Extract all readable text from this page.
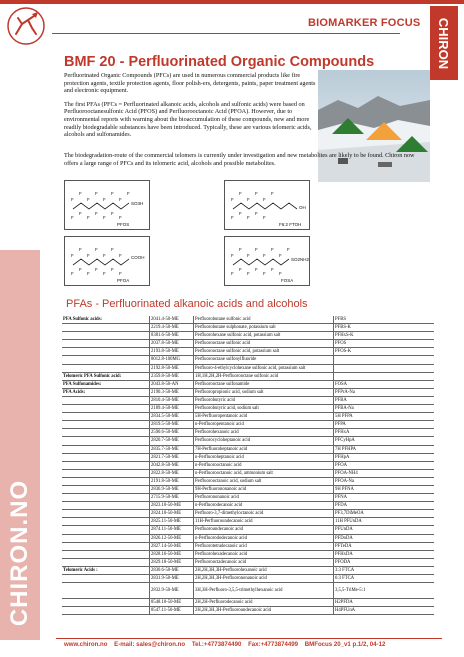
BIOMARKER FOCUS CHIRON
BMF 20 - Perfluorinated Organic Compounds

Perfluorinated Organic Compounds (PFCs) are used in numerous commercial products like fire protection agents, textile protection agents, floor polish-ers, detergents, paints, paper treatment agents and electronic equipment.

The first PFAs (PFCs = Perfluorinated alkanoic acids, alcohols and sulfonic acids) were based on Perfluorooctanesulfonic Acid (PFOS) and Perfluorooctanoic Acid (PFOA). However, due to environmental reports with warning about the bioaccumulation of these compounds, new and more readily biodegradable substances have been introduced. Typically, these are various telomeric acids, alcohols and sulfonamides.

The biodegradation-route of the commercial telomers is currently under investigation and new metabolites are likely to be found. Chiron now offers a large range of PFCs and its telomeric acid, alcohols and possible metabolites.
F
F
F
F
F
F
F
F
F
F
F
F
F
F
F
SO3H
PFOS
F
F
F
F
F
F
F
F
F
F
F
F
F
F
COOH
PFOA
F
F
F
F
F
F
F
F
F
F
F
OH
F6:2 FTOH
F
F
F
F
F
F
F
F
F
F
F
F
F
F
F
SO2NH2
FOSA
PFAs - Perfluorinated alkanoic acids and alcohols
PFA Sulfonic acids:	2041.4-50-ME	Perfluorobutane sulfonic acid	PFBS
2219.4-50-ME	Perfluorobutane sulphonate, potassium salt	PFBS-K
8381.6-50-ME	Perfluorohexane sulfonic acid, potassium salt	PFHxS-K
2037.8-50-ME	Perfluorooctane sulfonic acid	PFOS
2193.8-50-ME	Perfluorooctane sulfonic acid, potassium salt	PFOS-K
8012.8-100MG	Perfluorooctane sulfonylfluoride
2192.8-50-ME	Perfluoro-4-ethylcyclohexane sulfonic acid, potassium salt
Telomeric PFA Sulfonic acid:	2359.8-50-ME	1H,1H,2H,2H-Perfluorooctane sulfonic acid
PFA Sulfonamides:	2043.8-50-AN	Perfluorooctane sulfonamide	FOSA
PFA Acids:	2190.3-50-ME	Perfluoropropionic acid, sodium salt	PFPrA-Na
2810.4-50-ME	Perfluorobutyric acid	PFBA
2189.4-50-ME	Perfluorobutyric acid, sodium salt	PFBA-Na
2834.5-50-ME	5H-Perfluoropentanoic acid	5H PFPA
2819.5-50-ME	n-Perfluoropentanoic acid	PFPA
2590.6-50-ME	Perfluorohexanoic acid	PFHxA
2820.7-50-ME	Perfluorocycloheptanoic acid	PFCyHpA
2835.7-50-ME	7H-Perfluoroheptanoic acid	7H PFHPA
2821.7-50-ME	n-Perfluoroheptanoic acid	PFHpA
2042.8-50-ME	n-Perfluorooctanoic acid	PFOA
2822.8-50-ME	n-Perfluorooctanoic acid, ammonium salt	PFOA-NH4
2191.8-50-ME	Perfluorooctanoic acid, sodium salt	PFOA-Na
2836.9-50-ME	9H-Perfluorononanoic acid	9H PFNA
2715.9-50-ME	Perfluorononanoic acid	PFNA
2823.10-50-ME	n-Perfluorodecanoic acid	PFDA
2824.10-50-ME	Perfluoro-3,7-dimethyloctanoic acid	PF3,7DiMeOA
2825.11-50-ME	11H-Perfluoroundecanoic acid	11H PFUnDA
2874.11-50-ME	Perfluoroundecanoic acid	PFUnDA
2826.12-50-ME	n-Perfluorododecanoic acid	PFDoDA
2827.14-50-ME	Perfluorotetradecanoic acid	PFTeDA
2828.16-50-ME	Perfluorohexadecanoic acid	PFHxDA
2829.18-50-ME	Perfluorooctadecanoic acid	PFODA
Telomeric Acids :	2830.6-50-ME	2H,2H,3H,3H-Perfluorohexanoic acid	3:3 FTCA
2831.9-50-ME	2H,2H,3H,3H-Perfluorononanoic acid	6:3 FTCA
2832.9-50-ME	3H,3H-Perfluoro-3,5,5-trimethylhexanoic acid	3,5,5-TriMe-5:1
8548.10-50-ME	2H,2H-Perfluorodecanoic acid	H2PFDA
8547.11-50-ME	2H,2H,3H,3H-Perfluoroundecanoic acid	H4PFUnA
CHIRON.NO
www.chiron.no E-mail: sales@chiron.no Tel.:+4773874490 Fax:+4773874499 BMFocus 20_v1 p.1/2, 04-12
